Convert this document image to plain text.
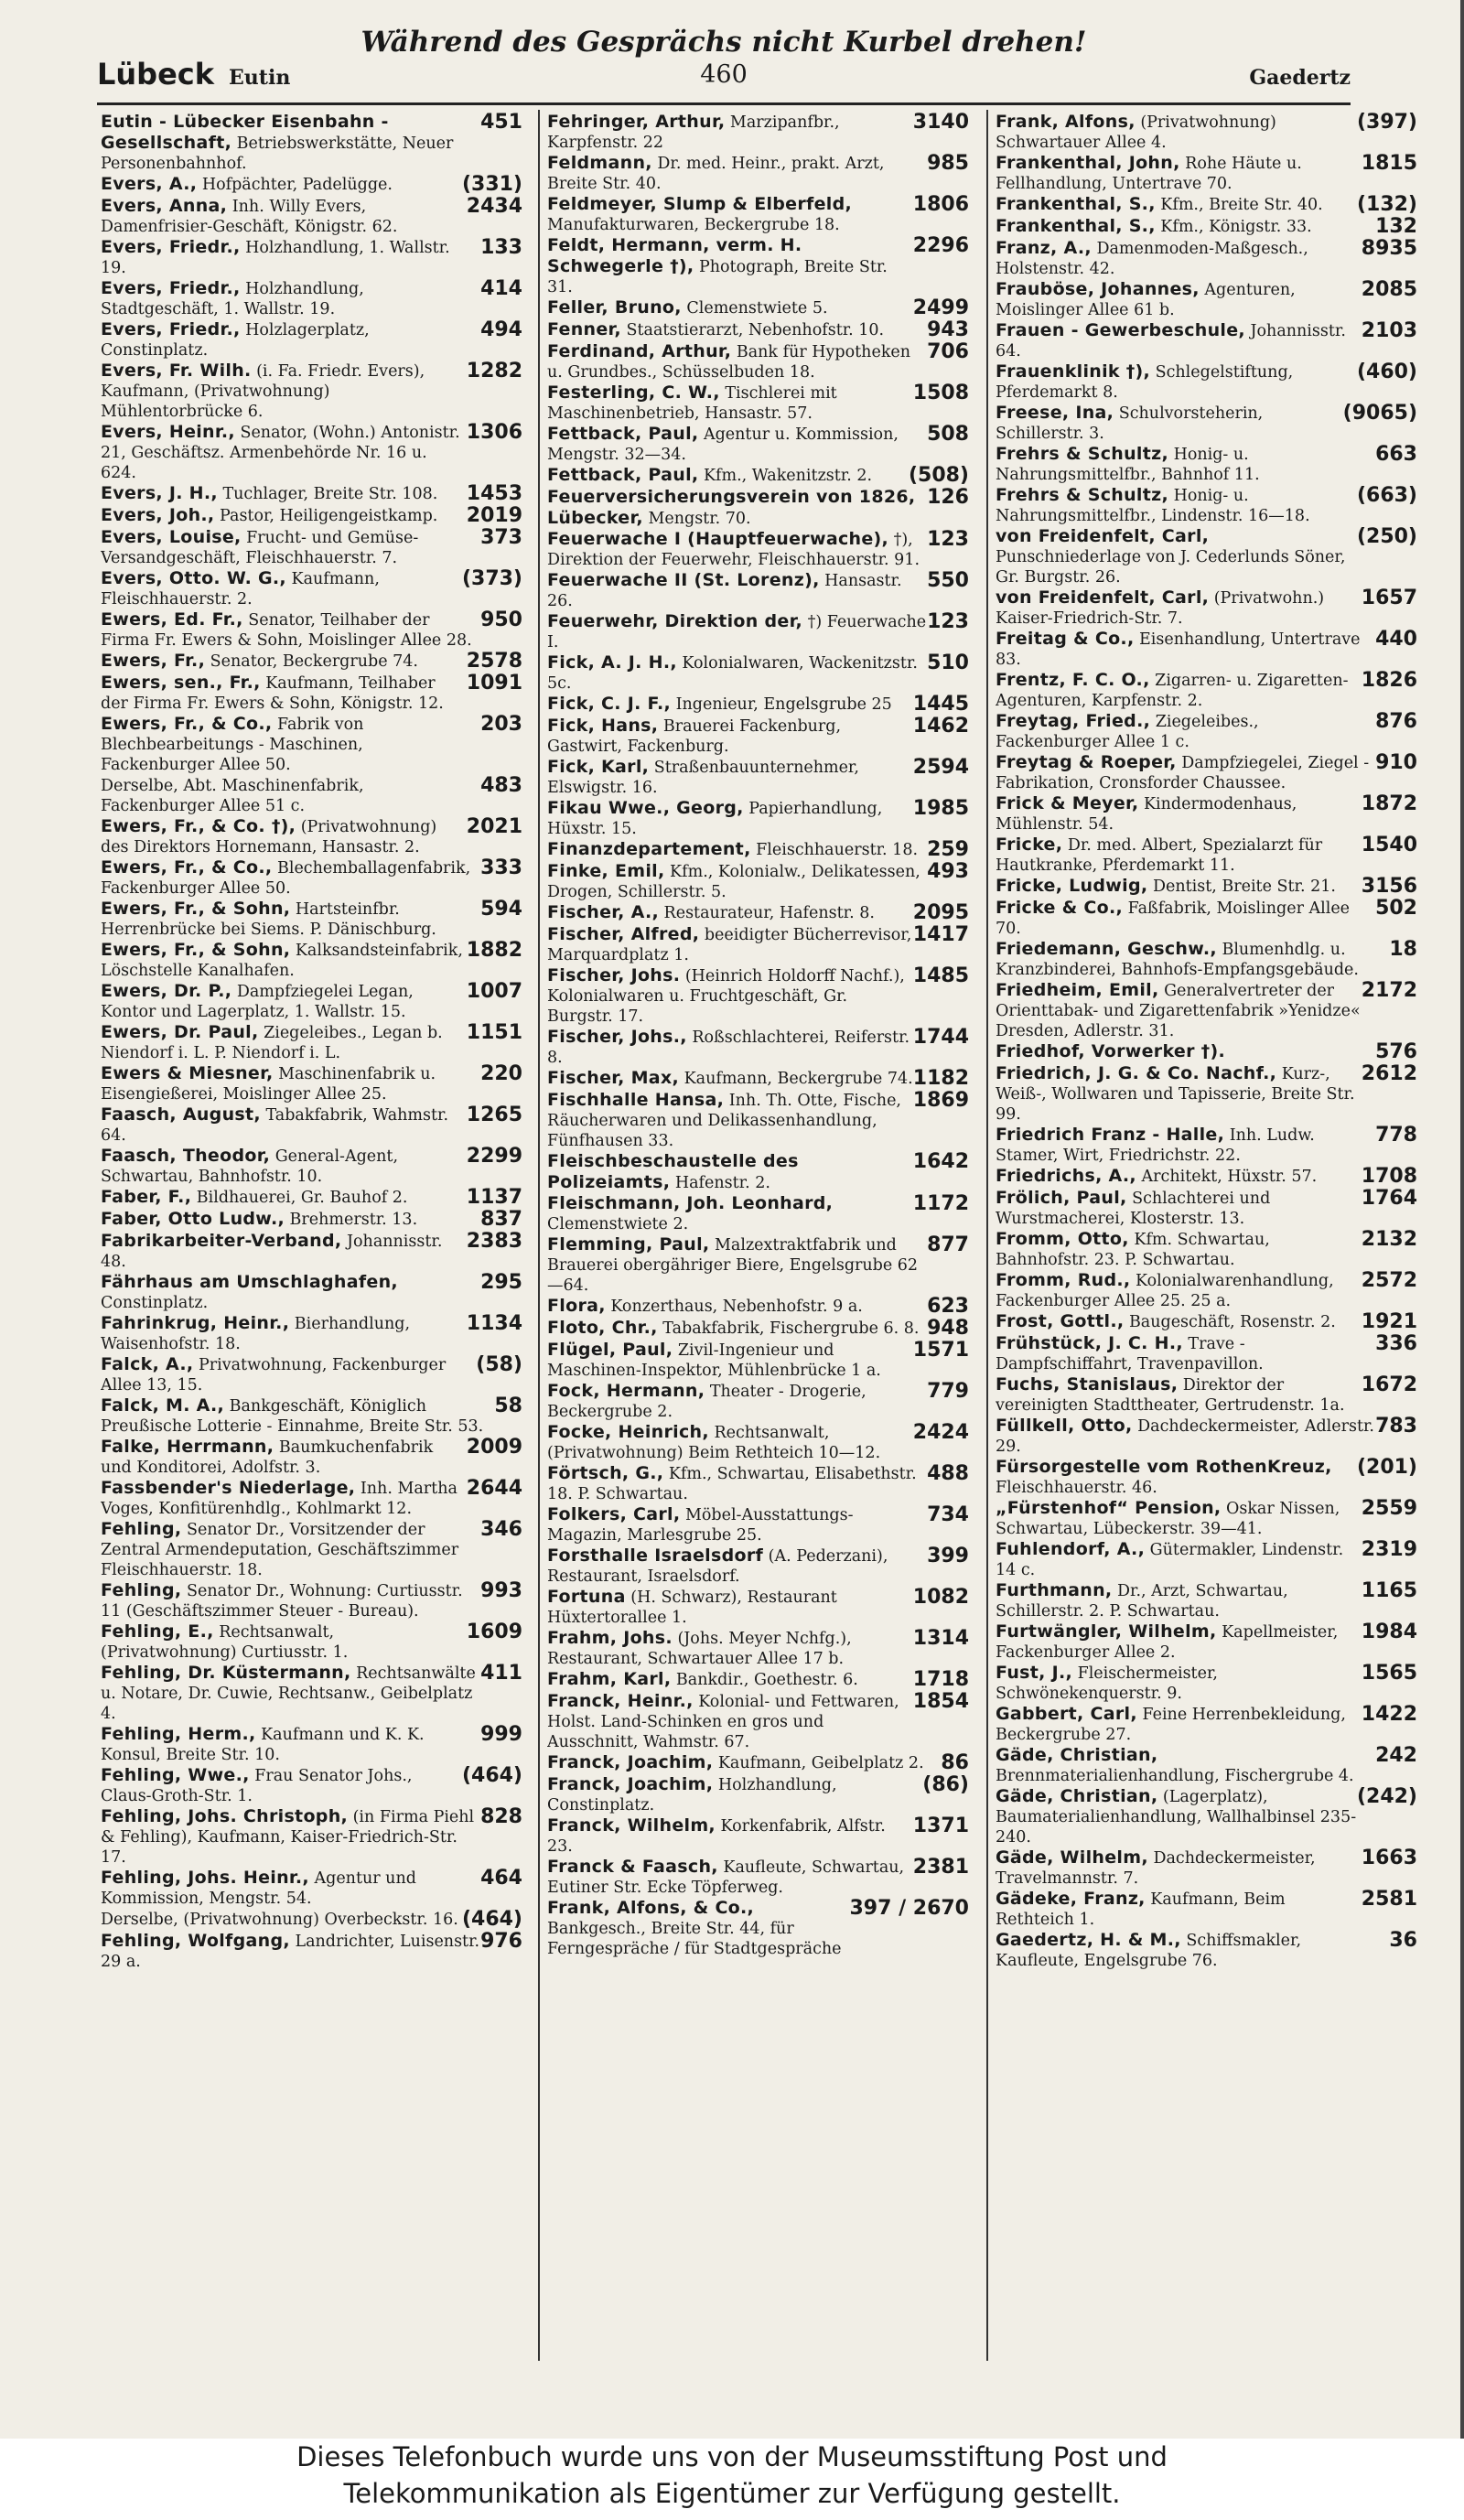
Während des Gesprächs nicht Kurbel drehen!
Lübeck Eutin	460	Gaedertz
451
Eutin - Lübecker Eisenbahn - Gesellschaft, Betriebswerkstätte, Neuer Personenbahnhof.
(331)
Evers, A., Hofpächter, Padelügge.
2434
Evers, Anna, Inh. Willy Evers, Damenfrisier-Geschäft, Königstr. 62.
133
Evers, Friedr., Holzhandlung, 1. Wallstr. 19.
414
Evers, Friedr., Holzhandlung, Stadtgeschäft, 1. Wallstr. 19.
494
Evers, Friedr., Holzlagerplatz, Constinplatz.
1282
Evers, Fr. Wilh. (i. Fa. Friedr. Evers), Kaufmann, (Privatwohnung) Mühlentorbrücke 6.
1306
Evers, Heinr., Senator, (Wohn.) Antonistr. 21, Geschäftsz. Armenbehörde Nr. 16 u. 624.
1453
Evers, J. H., Tuchlager, Breite Str. 108.
2019
Evers, Joh., Pastor, Heiligengeistkamp.
373
Evers, Louise, Frucht- und Gemüse-Versandgeschäft, Fleischhauerstr. 7.
(373)
Evers, Otto. W. G., Kaufmann, Fleischhauerstr. 2.
950
Ewers, Ed. Fr., Senator, Teilhaber der Firma Fr. Ewers & Sohn, Moislinger Allee 28.
2578
Ewers, Fr., Senator, Beckergrube 74.
1091
Ewers, sen., Fr., Kaufmann, Teilhaber der Firma Fr. Ewers & Sohn, Königstr. 12.
203
Ewers, Fr., & Co., Fabrik von Blechbearbeitungs - Maschinen, Fackenburger Allee 50.
483
Derselbe, Abt. Maschinenfabrik, Fackenburger Allee 51 c.
2021
Ewers, Fr., & Co. †), (Privatwohnung) des Direktors Hornemann, Hansastr. 2.
333
Ewers, Fr., & Co., Blechemballagenfabrik, Fackenburger Allee 50.
594
Ewers, Fr., & Sohn, Hartsteinfbr. Herrenbrücke bei Siems. P. Dänischburg.
1882
Ewers, Fr., & Sohn, Kalksandsteinfabrik, Löschstelle Kanalhafen.
1007
Ewers, Dr. P., Dampfziegelei Legan, Kontor und Lagerplatz, 1. Wallstr. 15.
1151
Ewers, Dr. Paul, Ziegeleibes., Legan b. Niendorf i. L. P. Niendorf i. L.
220
Ewers & Miesner, Maschinenfabrik u. Eisengießerei, Moislinger Allee 25.
1265
Faasch, August, Tabakfabrik, Wahmstr. 64.
2299
Faasch, Theodor, General-Agent, Schwartau, Bahnhofstr. 10.
1137
Faber, F., Bildhauerei, Gr. Bauhof 2.
837
Faber, Otto Ludw., Brehmerstr. 13.
2383
Fabrikarbeiter-Verband, Johannisstr. 48.
295
Fährhaus am Umschlaghafen, Constinplatz.
1134
Fahrinkrug, Heinr., Bierhandlung, Waisenhofstr. 18.
(58)
Falck, A., Privatwohnung, Fackenburger Allee 13, 15.
58
Falck, M. A., Bankgeschäft, Königlich Preußische Lotterie - Einnahme, Breite Str. 53.
2009
Falke, Herrmann, Baumkuchenfabrik und Konditorei, Adolfstr. 3.
2644
Fassbender's Niederlage, Inh. Martha Voges, Konfitürenhdlg., Kohlmarkt 12.
346
Fehling, Senator Dr., Vorsitzender der Zentral Armendeputation, Geschäftszimmer Fleischhauerstr. 18.
993
Fehling, Senator Dr., Wohnung: Curtiusstr. 11 (Geschäftszimmer Steuer - Bureau).
1609
Fehling, E., Rechtsanwalt, (Privatwohnung) Curtiusstr. 1.
411
Fehling, Dr. Küstermann, Rechtsanwälte u. Notare, Dr. Cuwie, Rechtsanw., Geibelplatz 4.
999
Fehling, Herm., Kaufmann und K. K. Konsul, Breite Str. 10.
(464)
Fehling, Wwe., Frau Senator Johs., Claus-Groth-Str. 1.
828
Fehling, Johs. Christoph, (in Firma Piehl & Fehling), Kaufmann, Kaiser-Friedrich-Str. 17.
464
Fehling, Johs. Heinr., Agentur und Kommission, Mengstr. 54.
(464)
Derselbe, (Privatwohnung) Overbeckstr. 16.
976
Fehling, Wolfgang, Landrichter, Luisenstr. 29 a.
3140
Fehringer, Arthur, Marzipanfbr., Karpfenstr. 22
985
Feldmann, Dr. med. Heinr., prakt. Arzt, Breite Str. 40.
1806
Feldmeyer, Slump & Elberfeld, Manufakturwaren, Beckergrube 18.
2296
Feldt, Hermann, verm. H. Schwegerle †), Photograph, Breite Str. 31.
2499
Feller, Bruno, Clemenstwiete 5.
943
Fenner, Staatstierarzt, Nebenhofstr. 10.
706
Ferdinand, Arthur, Bank für Hypotheken u. Grundbes., Schüsselbuden 18.
1508
Festerling, C. W., Tischlerei mit Maschinenbetrieb, Hansastr. 57.
508
Fettback, Paul, Agentur u. Kommission, Mengstr. 32—34.
(508)
Fettback, Paul, Kfm., Wakenitzstr. 2.
126
Feuerversicherungsverein von 1826, Lübecker, Mengstr. 70.
123
Feuerwache I (Hauptfeuerwache), †), Direktion der Feuerwehr, Fleischhauerstr. 91.
550
Feuerwache II (St. Lorenz), Hansastr. 26.
123
Feuerwehr, Direktion der, †) Feuerwache I.
510
Fick, A. J. H., Kolonialwaren, Wackenitzstr. 5c.
1445
Fick, C. J. F., Ingenieur, Engelsgrube 25
1462
Fick, Hans, Brauerei Fackenburg, Gastwirt, Fackenburg.
2594
Fick, Karl, Straßenbauunternehmer, Elswigstr. 16.
1985
Fikau Wwe., Georg, Papierhandlung, Hüxstr. 15.
259
Finanzdepartement, Fleischhauerstr. 18.
493
Finke, Emil, Kfm., Kolonialw., Delikatessen, Drogen, Schillerstr. 5.
2095
Fischer, A., Restaurateur, Hafenstr. 8.
1417
Fischer, Alfred, beeidigter Bücherrevisor, Marquardplatz 1.
1485
Fischer, Johs. (Heinrich Holdorff Nachf.), Kolonialwaren u. Fruchtgeschäft, Gr. Burgstr. 17.
1744
Fischer, Johs., Roßschlachterei, Reiferstr. 8.
1182
Fischer, Max, Kaufmann, Beckergrube 74.
1869
Fischhalle Hansa, Inh. Th. Otte, Fische, Räucherwaren und Delikassenhandlung, Fünfhausen 33.
1642
Fleischbeschaustelle des Polizeiamts, Hafenstr. 2.
1172
Fleischmann, Joh. Leonhard, Clemenstwiete 2.
877
Flemming, Paul, Malzextraktfabrik und Brauerei obergähriger Biere, Engelsgrube 62—64.
623
Flora, Konzerthaus, Nebenhofstr. 9 a.
948
Floto, Chr., Tabakfabrik, Fischergrube 6. 8.
1571
Flügel, Paul, Zivil-Ingenieur und Maschinen-Inspektor, Mühlenbrücke 1 a.
779
Fock, Hermann, Theater - Drogerie, Beckergrube 2.
2424
Focke, Heinrich, Rechtsanwalt, (Privatwohnung) Beim Rethteich 10—12.
488
Förtsch, G., Kfm., Schwartau, Elisabethstr. 18. P. Schwartau.
734
Folkers, Carl, Möbel-Ausstattungs-Magazin, Marlesgrube 25.
399
Forsthalle Israelsdorf (A. Pederzani), Restaurant, Israelsdorf.
1082
Fortuna (H. Schwarz), Restaurant Hüxtertorallee 1.
1314
Frahm, Johs. (Johs. Meyer Nchfg.), Restaurant, Schwartauer Allee 17 b.
1718
Frahm, Karl, Bankdir., Goethestr. 6.
1854
Franck, Heinr., Kolonial- und Fettwaren, Holst. Land-Schinken en gros und Ausschnitt, Wahmstr. 67.
86
Franck, Joachim, Kaufmann, Geibelplatz 2.
(86)
Franck, Joachim, Holzhandlung, Constinplatz.
1371
Franck, Wilhelm, Korkenfabrik, Alfstr. 23.
2381
Franck & Faasch, Kaufleute, Schwartau, Eutiner Str. Ecke Töpferweg.
397 / 2670
Frank, Alfons, & Co., Bankgesch., Breite Str. 44, für Ferngespräche / für Stadtgespräche
(397)
Frank, Alfons, (Privatwohnung) Schwartauer Allee 4.
1815
Frankenthal, John, Rohe Häute u. Fellhandlung, Untertrave 70.
(132)
Frankenthal, S., Kfm., Breite Str. 40.
132
Frankenthal, S., Kfm., Königstr. 33.
8935
Franz, A., Damenmoden-Maßgesch., Holstenstr. 42.
2085
Frauböse, Johannes, Agenturen, Moislinger Allee 61 b.
2103
Frauen - Gewerbeschule, Johannisstr. 64.
(460)
Frauenklinik †), Schlegelstiftung, Pferdemarkt 8.
(9065)
Freese, Ina, Schulvorsteherin, Schillerstr. 3.
663
Frehrs & Schultz, Honig- u. Nahrungsmittelfbr., Bahnhof 11.
(663)
Frehrs & Schultz, Honig- u. Nahrungsmittelfbr., Lindenstr. 16—18.
(250)
von Freidenfelt, Carl, Punschniederlage von J. Cederlunds Söner, Gr. Burgstr. 26.
1657
von Freidenfelt, Carl, (Privatwohn.) Kaiser-Friedrich-Str. 7.
440
Freitag & Co., Eisenhandlung, Untertrave 83.
1826
Frentz, F. C. O., Zigarren- u. Zigaretten-Agenturen, Karpfenstr. 2.
876
Freytag, Fried., Ziegeleibes., Fackenburger Allee 1 c.
910
Freytag & Roeper, Dampfziegelei, Ziegel - Fabrikation, Cronsforder Chaussee.
1872
Frick & Meyer, Kindermodenhaus, Mühlenstr. 54.
1540
Fricke, Dr. med. Albert, Spezialarzt für Hautkranke, Pferdemarkt 11.
3156
Fricke, Ludwig, Dentist, Breite Str. 21.
502
Fricke & Co., Faßfabrik, Moislinger Allee 70.
18
Friedemann, Geschw., Blumenhdlg. u. Kranzbinderei, Bahnhofs-Empfangsgebäude.
2172
Friedheim, Emil, Generalvertreter der Orienttabak- und Zigarettenfabrik »Yenidze« Dresden, Adlerstr. 31.
576
Friedhof, Vorwerker †).
2612
Friedrich, J. G. & Co. Nachf., Kurz-, Weiß-, Wollwaren und Tapisserie, Breite Str. 99.
778
Friedrich Franz - Halle, Inh. Ludw. Stamer, Wirt, Friedrichstr. 22.
1708
Friedrichs, A., Architekt, Hüxstr. 57.
1764
Frölich, Paul, Schlachterei und Wurstmacherei, Klosterstr. 13.
2132
Fromm, Otto, Kfm. Schwartau, Bahnhofstr. 23. P. Schwartau.
2572
Fromm, Rud., Kolonialwarenhandlung, Fackenburger Allee 25. 25 a.
1921
Frost, Gottl., Baugeschäft, Rosenstr. 2.
336
Frühstück, J. C. H., Trave - Dampfschiffahrt, Travenpavillon.
1672
Fuchs, Stanislaus, Direktor der vereinigten Stadttheater, Gertrudenstr. 1a.
783
Füllkell, Otto, Dachdeckermeister, Adlerstr. 29.
(201)
Fürsorgestelle vom RothenKreuz, Fleischhauerstr. 46.
2559
„Fürstenhof“ Pension, Oskar Nissen, Schwartau, Lübeckerstr. 39—41.
2319
Fuhlendorf, A., Gütermakler, Lindenstr. 14 c.
1165
Furthmann, Dr., Arzt, Schwartau, Schillerstr. 2. P. Schwartau.
1984
Furtwängler, Wilhelm, Kapellmeister, Fackenburger Allee 2.
1565
Fust, J., Fleischermeister, Schwönekenquerstr. 9.
1422
Gabbert, Carl, Feine Herrenbekleidung, Beckergrube 27.
242
Gäde, Christian, Brennmaterialienhandlung, Fischergrube 4.
(242)
Gäde, Christian, (Lagerplatz), Baumaterialienhandlung, Wallhalbinsel 235-240.
1663
Gäde, Wilhelm, Dachdeckermeister, Travelmannstr. 7.
2581
Gädeke, Franz, Kaufmann, Beim Rethteich 1.
36
Gaedertz, H. & M., Schiffsmakler, Kaufleute, Engelsgrube 76.
Dieses Telefonbuch wurde uns von der Museumsstiftung Post und
Telekommunikation als Eigentümer zur Verfügung gestellt.
